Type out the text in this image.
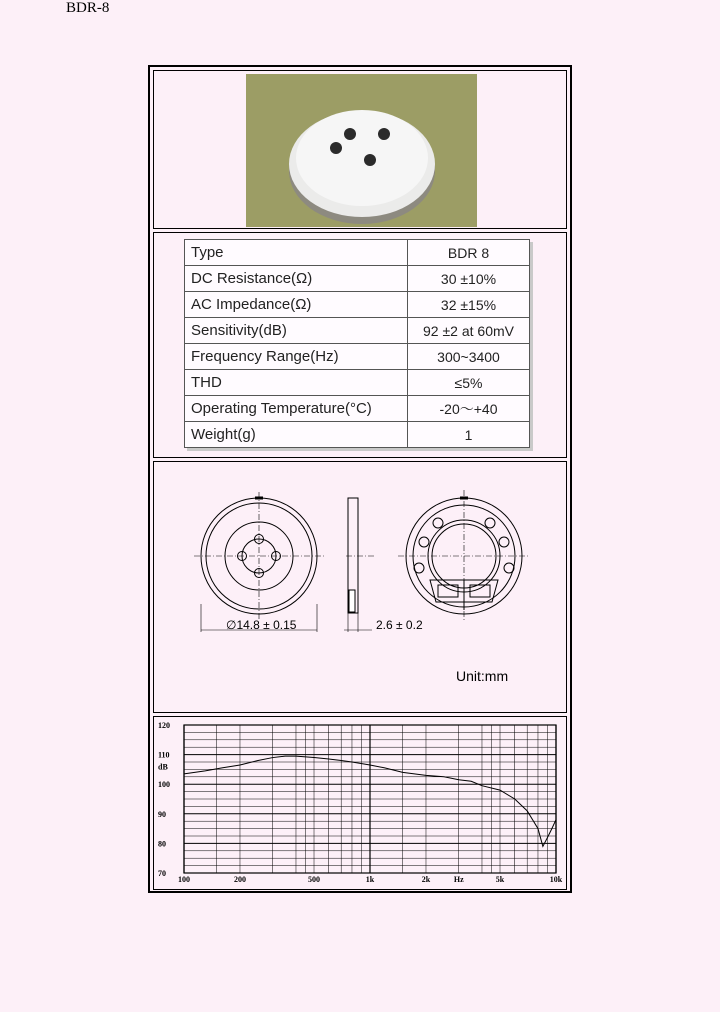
BDR-8
Type	BDR 8
DC Resistance(Ω)	30 ±10%
AC Impedance(Ω)	32 ±15%
Sensitivity(dB)	92 ±2 at 60mV
Frequency Range(Hz)	300~3400
THD	≤5%
Operating Temperature(°C)	-20～+40
Weight(g)	1
∅14.8 ± 0.15	2.6 ± 0.2
Unit:mm
120
110
dB
100
90
80
70
100	200	500	1k	2k	Hz	5k	10k
